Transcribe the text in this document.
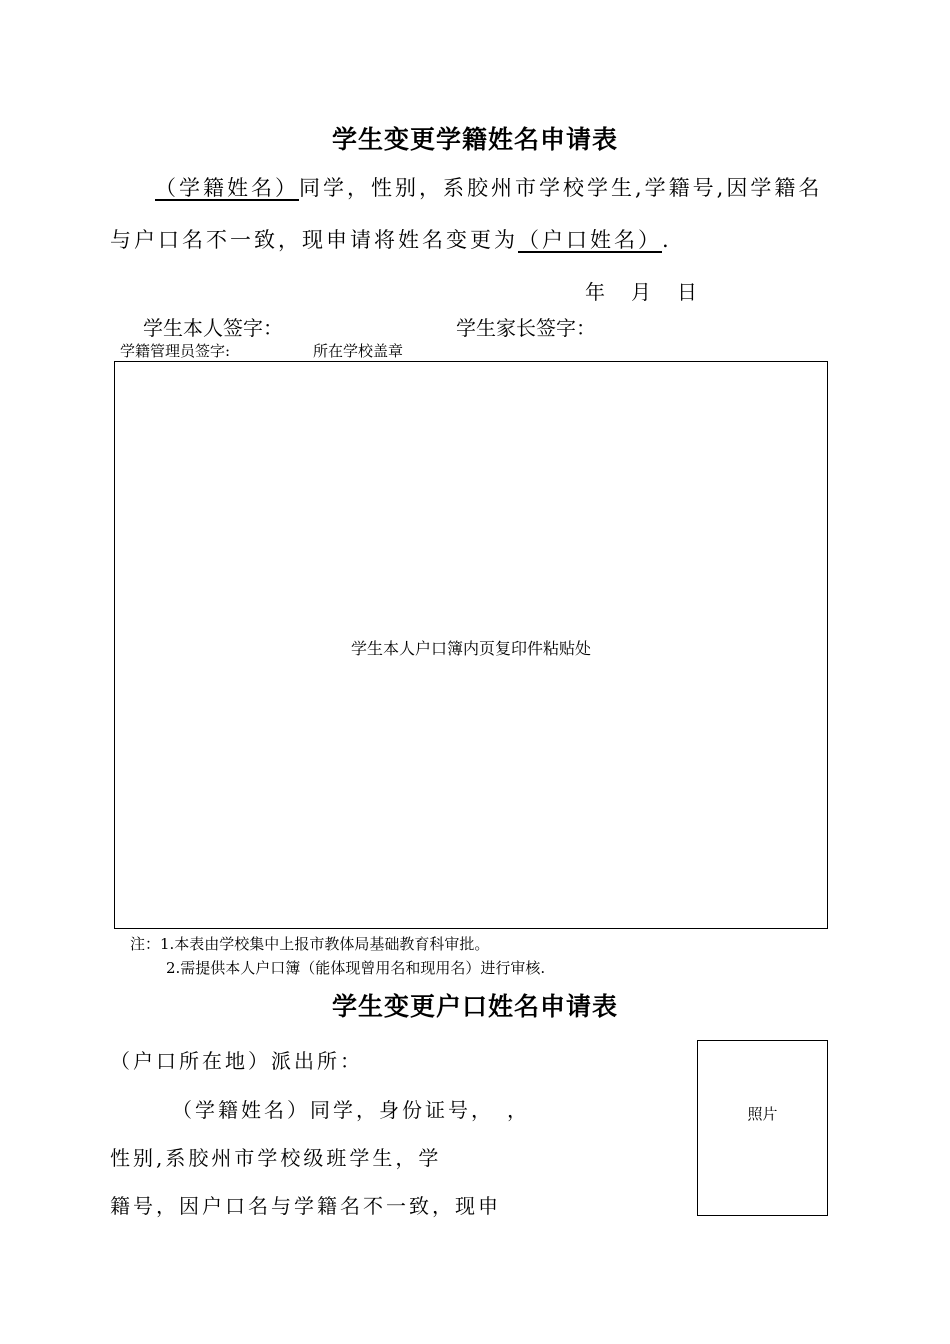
学生变更学籍姓名申请表
（学籍姓名）同学，性别，系胶州市学校学生,学籍号,因学籍名
与户口名不一致，现申请将姓名变更为（户口姓名）.
年　月　日
学生本人签字：	学生家长签字：
学籍管理员签字:	所在学校盖章
学生本人户口簿内页复印件粘贴处
注：1.本表由学校集中上报市教体局基础教育科审批。
2.需提供本人户口簿（能体现曾用名和现用名）进行审核.
学生变更户口姓名申请表
（户口所在地）派出所：
（学籍姓名）同学，身份证号，　，
性别,系胶州市学校级班学生，学
籍号，因户口名与学籍名不一致，现申
照片
